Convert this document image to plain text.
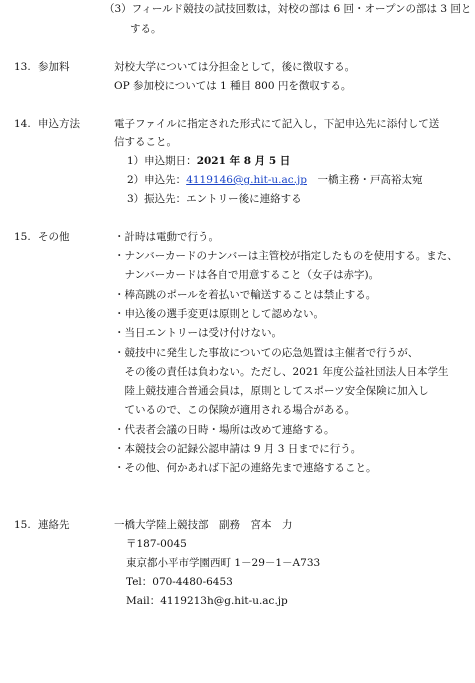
（3）フィールド競技の試技回数は，対校の部は 6 回・オープンの部は 3 回と
する。
13. 参加料	対校大学については分担金として，後に徴収する。
OP 参加校については 1 種目 800 円を徴収する。
14. 申込方法	電子ファイルに指定された形式にて記入し，下記申込先に添付して送
信すること。
1）申込期日：2021 年 8 月 5 日
2）申込先：4119146@g.hit-u.ac.jp　一橋主務・戸高裕太宛
3）振込先：エントリー後に連絡する
15. その他	・計時は電動で行う。
・ナンバーカードのナンバーは主管校が指定したものを使用する。また、
　ナンバーカードは各自で用意すること（女子は赤字)。
・棒高跳のポールを着払いで輸送することは禁止する。
・申込後の選手変更は原則として認めない。
・当日エントリーは受け付けない。
・競技中に発生した事故についての応急処置は主催者で行うが、
　その後の責任は負わない。ただし、2021 年度公益社団法人日本学生
　陸上競技連合普通会員は，原則としてスポーツ安全保険に加入し
　ているので、この保険が適用される場合がある。
・代表者会議の日時・場所は改めて連絡する。
・本競技会の記録公認申請は 9 月 3 日までに行う。
・その他、何かあれば下記の連絡先まで連絡すること。
15. 連絡先	一橋大学陸上競技部　副務　宮本　力
〒187-0045
東京都小平市学園西町 1－29－1－A733
Tel：070-4480-6453
Mail：4119213h@g.hit-u.ac.jp
